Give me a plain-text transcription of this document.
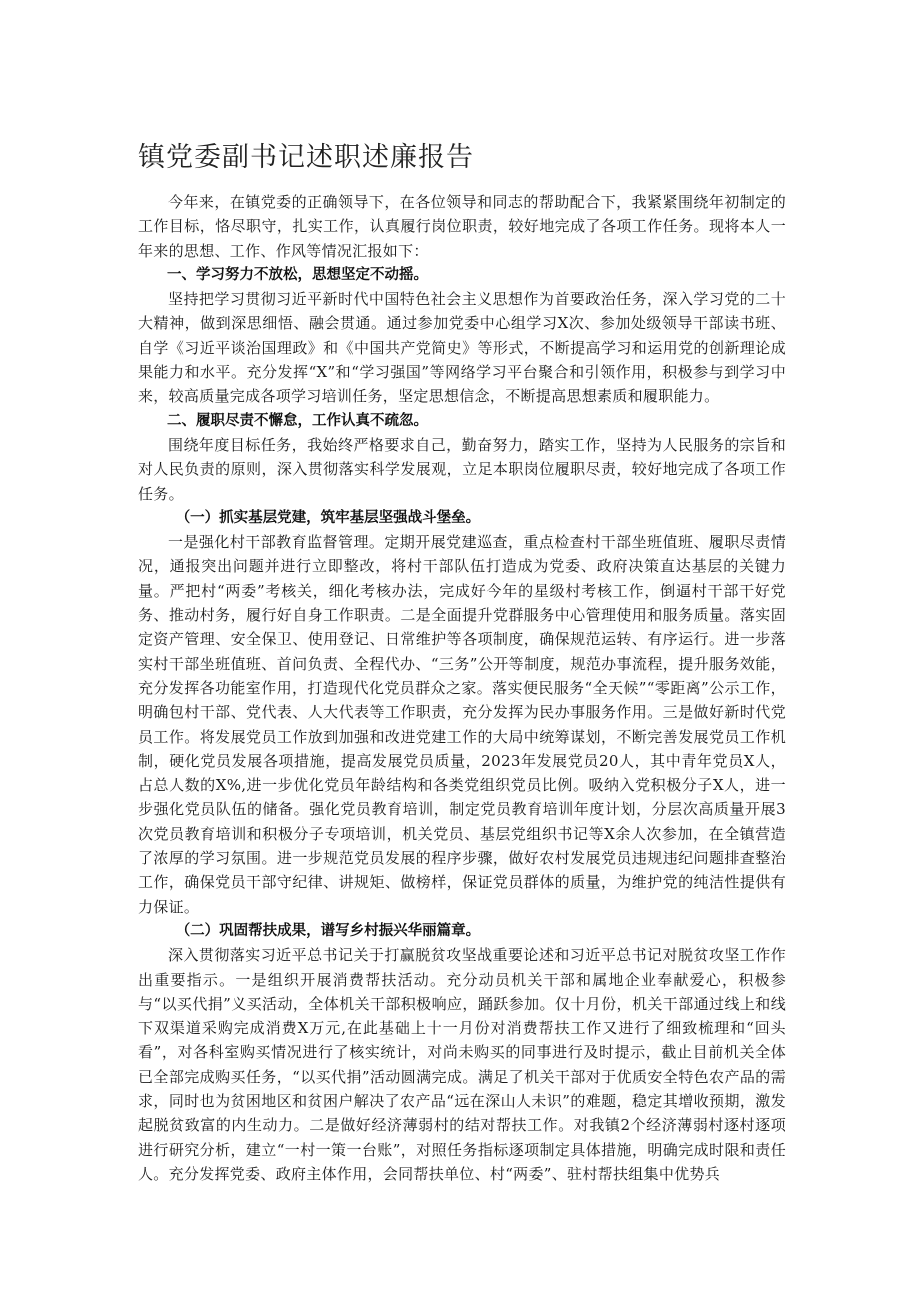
镇党委副书记述职述廉报告

今年来，在镇党委的正确领导下，在各位领导和同志的帮助配合下，我紧紧围绕年初制定的工作目标，恪尽职守，扎实工作，认真履行岗位职责，较好地完成了各项工作任务。现将本人一年来的思想、工作、作风等情况汇报如下：

一、学习努力不放松，思想坚定不动摇。

坚持把学习贯彻习近平新时代中国特色社会主义思想作为首要政治任务，深入学习党的二十大精神，做到深思细悟、融会贯通。通过参加党委中心组学习X次、参加处级领导干部读书班、自学《习近平谈治国理政》和《中国共产党简史》等形式，不断提高学习和运用党的创新理论成果能力和水平。充分发挥“X”和“学习强国”等网络学习平台聚合和引领作用，积极参与到学习中来，较高质量完成各项学习培训任务，坚定思想信念，不断提高思想素质和履职能力。

二、履职尽责不懈怠，工作认真不疏忽。

围绕年度目标任务，我始终严格要求自己，勤奋努力，踏实工作，坚持为人民服务的宗旨和对人民负责的原则，深入贯彻落实科学发展观，立足本职岗位履职尽责，较好地完成了各项工作任务。

（一）抓实基层党建，筑牢基层坚强战斗堡垒。

一是强化村干部教育监督管理。定期开展党建巡查，重点检查村干部坐班值班、履职尽责情况，通报突出问题并进行立即整改，将村干部队伍打造成为党委、政府决策直达基层的关键力量。严把村“两委”考核关，细化考核办法，完成好今年的星级村考核工作，倒逼村干部干好党务、推动村务，履行好自身工作职责。二是全面提升党群服务中心管理使用和服务质量。落实固定资产管理、安全保卫、使用登记、日常维护等各项制度，确保规范运转、有序运行。进一步落实村干部坐班值班、首问负责、全程代办、“三务”公开等制度，规范办事流程，提升服务效能，充分发挥各功能室作用，打造现代化党员群众之家。落实便民服务“全天候”“零距离”公示工作，明确包村干部、党代表、人大代表等工作职责，充分发挥为民办事服务作用。三是做好新时代党员工作。将发展党员工作放到加强和改进党建工作的大局中统筹谋划，不断完善发展党员工作机制，硬化党员发展各项措施，提高发展党员质量，2023年发展党员20人，其中青年党员X人，占总人数的X%,进一步优化党员年龄结构和各类党组织党员比例。吸纳入党积极分子X人，进一步强化党员队伍的储备。强化党员教育培训，制定党员教育培训年度计划，分层次高质量开展3次党员教育培训和积极分子专项培训，机关党员、基层党组织书记等X余人次参加，在全镇营造了浓厚的学习氛围。进一步规范党员发展的程序步骤，做好农村发展党员违规违纪问题排查整治工作，确保党员干部守纪律、讲规矩、做榜样，保证党员群体的质量，为维护党的纯洁性提供有力保证。

（二）巩固帮扶成果，谱写乡村振兴华丽篇章。

深入贯彻落实习近平总书记关于打赢脱贫攻坚战重要论述和习近平总书记对脱贫攻坚工作作出重要指示。一是组织开展消费帮扶活动。充分动员机关干部和属地企业奉献爱心，积极参与“以买代捐”义买活动，全体机关干部积极响应，踊跃参加。仅十月份，机关干部通过线上和线下双渠道采购完成消费X万元,在此基础上十一月份对消费帮扶工作又进行了细致梳理和“回头看”，对各科室购买情况进行了核实统计，对尚未购买的同事进行及时提示，截止目前机关全体已全部完成购买任务，“以买代捐”活动圆满完成。满足了机关干部对于优质安全特色农产品的需求，同时也为贫困地区和贫困户解决了农产品“远在深山人未识”的难题，稳定其增收预期，激发起脱贫致富的内生动力。二是做好经济薄弱村的结对帮扶工作。对我镇2个经济薄弱村逐村逐项进行研究分析，建立“一村一策一台账”，对照任务指标逐项制定具体措施，明确完成时限和责任人。充分发挥党委、政府主体作用，会同帮扶单位、村“两委”、驻村帮扶组集中优势兵
